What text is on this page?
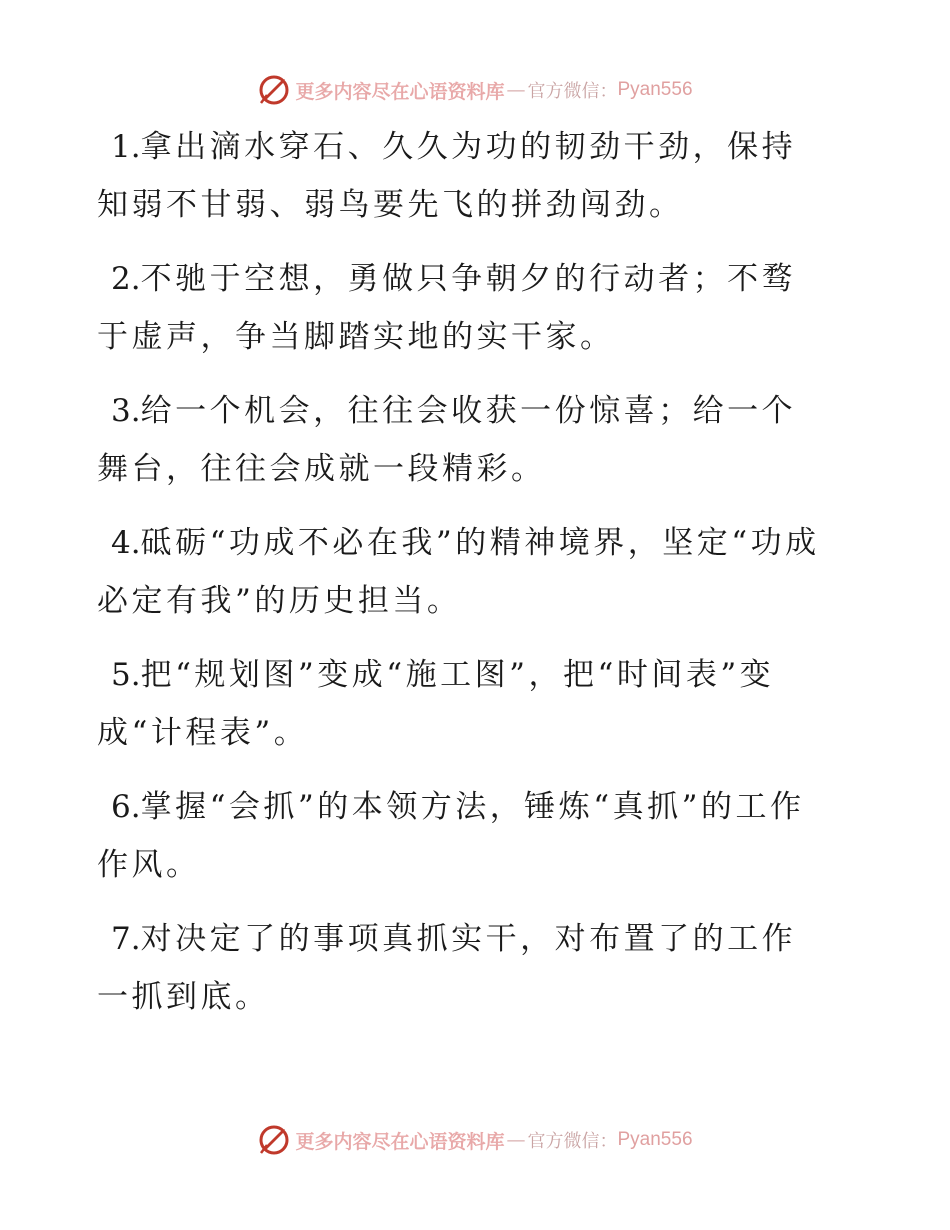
更多内容尽在心语资料库 — 官方微信： Pyan556
1.拿出滴水穿石、久久为功的韧劲干劲，保持知弱不甘弱、弱鸟要先飞的拼劲闯劲。
2.不驰于空想，勇做只争朝夕的行动者；不骛于虚声，争当脚踏实地的实干家。
3.给一个机会，往往会收获一份惊喜；给一个舞台，往往会成就一段精彩。
4.砥砺“功成不必在我”的精神境界，坚定“功成必定有我”的历史担当。
5.把“规划图”变成“施工图”，把“时间表”变成“计程表”。
6.掌握“会抓”的本领方法，锤炼“真抓”的工作作风。
7.对决定了的事项真抓实干，对布置了的工作一抓到底。
更多内容尽在心语资料库 — 官方微信： Pyan556
